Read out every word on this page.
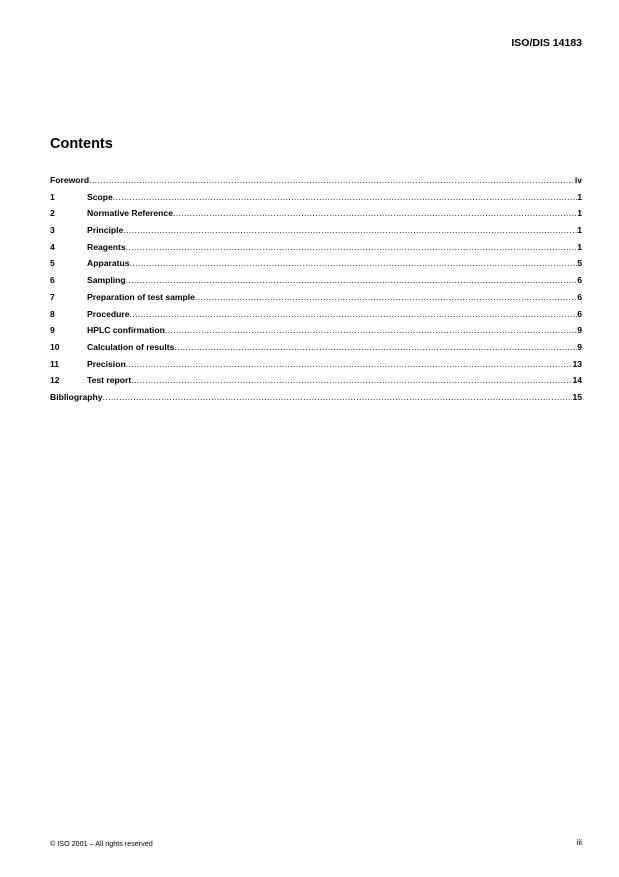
ISO/DIS 14183
Contents
Foreword .....	iv
1	Scope .....	1
2	Normative Reference .....	1
3	Principle .....	1
4	Reagents .....	1
5	Apparatus .....	5
6	Sampling .....	6
7	Preparation of test sample .....	6
8	Procedure .....	6
9	HPLC confirmation .....	9
10	Calculation of results .....	9
11	Precision .....	13
12	Test report .....	14
Bibliography .....	15
© ISO 2001 – All rights reserved	iii
